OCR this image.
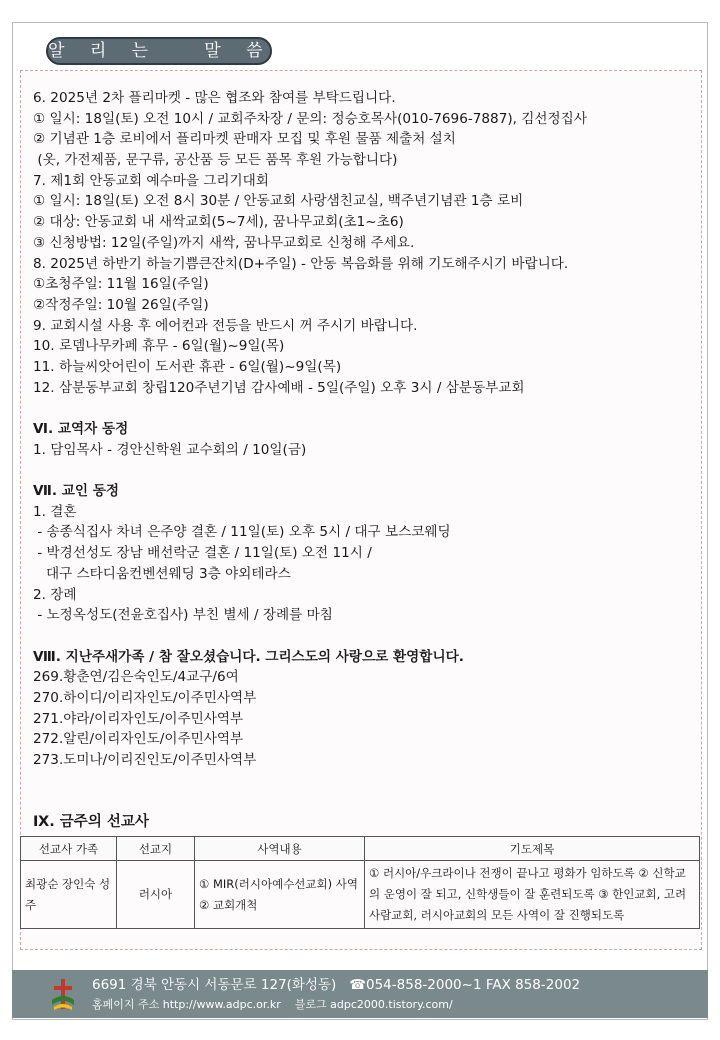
알 리 는   말 씀
6. 2025년 2차 플리마켓 - 많은 협조와 참여를 부탁드립니다.
① 일시: 18일(토) 오전 10시 / 교회주차장 / 문의: 정승호목사(010-7696-7887), 김선정집사
② 기념관 1층 로비에서 플리마켓 판매자 모집 및 후원 물품 제출처 설치
(옷, 가전제품, 문구류, 공산품 등 모든 품목 후원 가능합니다)
7. 제1회 안동교회 예수마을 그리기대회
① 일시: 18일(토) 오전 8시 30분 / 안동교회 사랑샘친교실, 백주년기념관 1층 로비
② 대상: 안동교회 내 새싹교회(5~7세), 꿈나무교회(초1~초6)
③ 신청방법: 12일(주일)까지 새싹, 꿈나무교회로 신청해 주세요.
8. 2025년 하반기 하늘기쁨큰잔치(D+주일) - 안동 복음화를 위해 기도해주시기 바랍니다.
①초청주일: 11월 16일(주일)
②작정주일: 10월 26일(주일)
9. 교회시설 사용 후 에어컨과 전등을 반드시 꺼 주시기 바랍니다.
10. 로뎀나무카페 휴무 - 6일(월)~9일(목)
11. 하늘씨앗어린이 도서관 휴관 - 6일(월)~9일(목)
12. 삼분동부교회 창립120주년기념 감사예배 - 5일(주일) 오후 3시 / 삼분동부교회
Ⅵ. 교역자 동정
1. 담임목사 - 경안신학원 교수회의 / 10일(금)
Ⅶ. 교인 동정
1. 결혼
- 송종식집사 차녀 은주양 결혼 / 11일(토) 오후 5시 / 대구 보스코웨딩
- 박경선성도 장남 배선락군 결혼 / 11일(토) 오전 11시 /
대구 스타디움컨벤션웨딩 3층 야외테라스
2. 장례
- 노정옥성도(전윤호집사) 부친 별세 / 장례를 마침
Ⅷ. 지난주새가족 / 참 잘오셨습니다. 그리스도의 사랑으로 환영합니다.
269.황춘연/김은숙인도/4교구/6여
270.하이디/이리자인도/이주민사역부
271.야라/이리자인도/이주민사역부
272.알린/이리자인도/이주민사역부
273.도미나/이리진인도/이주민사역부
Ⅸ. 금주의 선교사
선교사 가족	선교지	사역내용	기도제목
최광순 장인숙 성주	러시아	① MIR(러시아예수선교회) 사역 ② 교회개척	① 러시아/우크라이나 전쟁이 끝나고 평화가 임하도록 ② 신학교의 운영이 잘 되고, 신학생들이 잘 훈련되도록 ③ 한인교회, 고려사람교회, 러시아교회의 모든 사역이 잘 진행되도록
6691 경북 안동시 서동문로 127(화성동)   ☎054-858-2000~1 FAX 858-2002
홈페이지 주소 http://www.adpc.or.kr    블로그 adpc2000.tistory.com/
